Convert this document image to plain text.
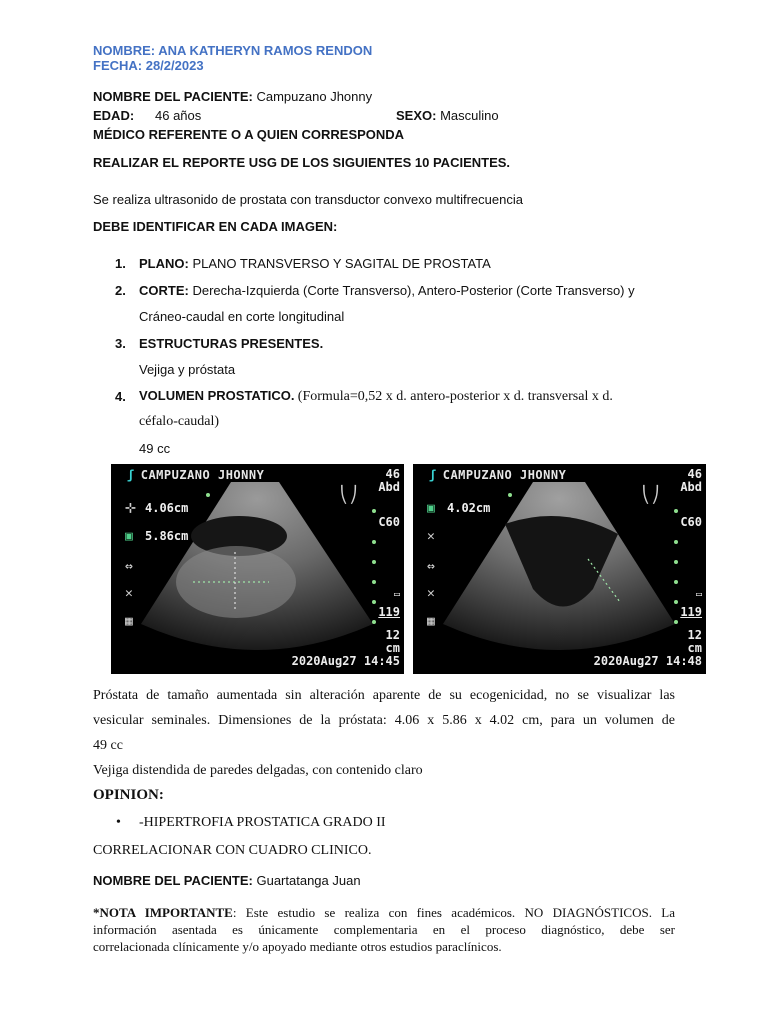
NOMBRE: ANA KATHERYN RAMOS RENDON
FECHA: 28/2/2023
NOMBRE DEL PACIENTE: Campuzano Jhonny
EDAD: 46 años	SEXO: Masculino
MÉDICO REFERENTE O A QUIEN CORRESPONDA
REALIZAR EL REPORTE USG DE LOS SIGUIENTES 10 PACIENTES.
Se realiza ultrasonido de prostata con transductor convexo multifrecuencia
DEBE IDENTIFICAR EN CADA IMAGEN:
1. PLANO: PLANO TRANSVERSO Y SAGITAL DE PROSTATA
2. CORTE: Derecha-Izquierda (Corte Transverso), Antero-Posterior (Corte Transverso) y
Cráneo-caudal en corte longitudinal
3. ESTRUCTURAS PRESENTES.
Vejiga y próstata
4. VOLUMEN PROSTATICO. (Formula=0,52 x d. antero-posterior x d. transversal x d.
céfalo-caudal)
49 cc
⎝⎠
ʃ CAMPUZANO JHONNY	46
Abd
C60
⊹ 4.06cm
▣ 5.86cm
⇔
✕
▦
▭
119
12
cm
2020Aug27 14:45
⎝⎠
ʃ CAMPUZANO JHONNY	46
Abd
C60
▣ 4.02cm
✕
⇔
✕
▦
▭
119
12
cm
2020Aug27 14:48
Próstata de tamaño aumentada sin alteración aparente de su ecogenicidad, no se visualizar las
vesicular seminales. Dimensiones de la próstata: 4.06 x 5.86 x 4.02 cm, para un volumen de
49 cc
Vejiga distendida de paredes delgadas, con contenido claro
OPINION:
• -HIPERTROFIA PROSTATICA GRADO II
CORRELACIONAR CON CUADRO CLINICO.
NOMBRE DEL PACIENTE: Guartatanga Juan
*NOTA IMPORTANTE: Este estudio se realiza con fines académicos. NO DIAGNÓSTICOS. La
información asentada es únicamente complementaria en el proceso diagnóstico, debe ser
correlacionada clínicamente y/o apoyado mediante otros estudios paraclínicos.
